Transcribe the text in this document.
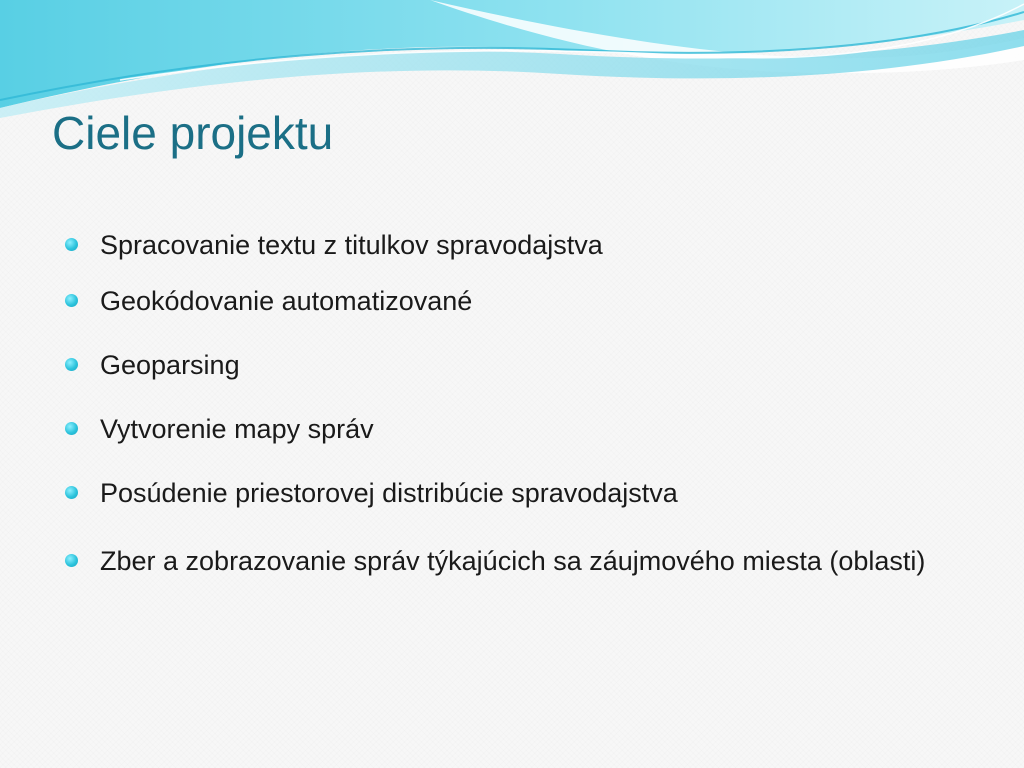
Ciele projektu
Spracovanie textu z titulkov spravodajstva
Geokódovanie automatizované
Geoparsing
Vytvorenie mapy správ
Posúdenie priestorovej distribúcie spravodajstva
Zber a zobrazovanie správ týkajúcich sa záujmového miesta (oblasti)
